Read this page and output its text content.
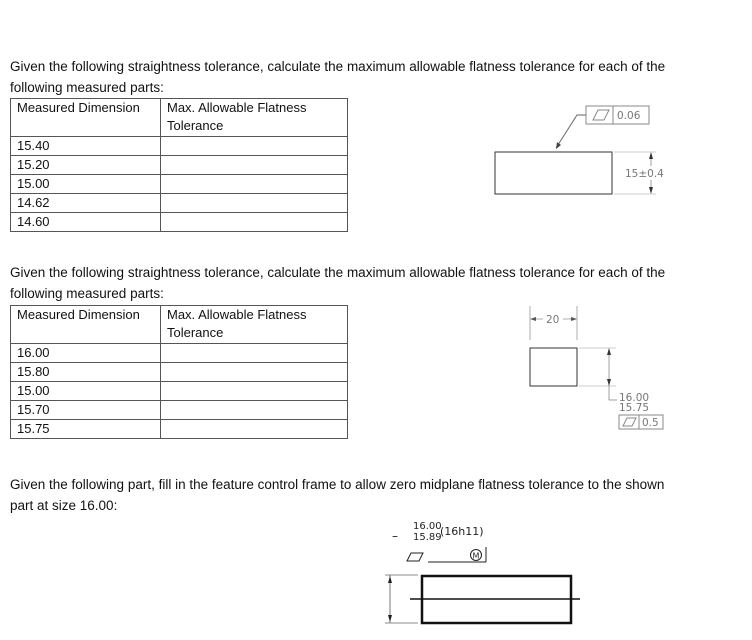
Given the following straightness tolerance, calculate the maximum allowable flatness tolerance for each of the following measured parts:
Measured Dimension	Max. Allowable Flatness Tolerance
15.40	
15.20	
15.00	
14.62	
14.60	
0.06
15±0.4
Given the following straightness tolerance, calculate the maximum allowable flatness tolerance for each of the following measured parts:
Measured Dimension	Max. Allowable Flatness Tolerance
16.00	
15.80	
15.00	
15.70	
15.75	
20
16.00
15.75
0.5
Given the following part, fill in the feature control frame to allow zero midplane flatness tolerance to the shown part at size 16.00:
–
16.00
15.89
(16h11)
M
